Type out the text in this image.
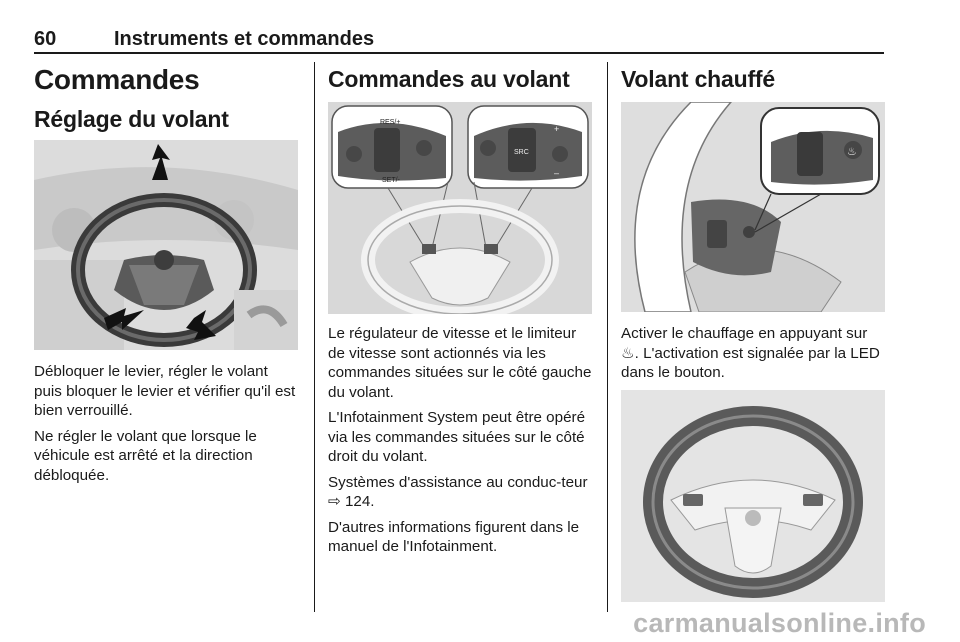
60	Instruments et commandes
Commandes
Réglage du volant

Débloquer le levier, régler le volant puis bloquer le levier et vérifier qu'il est bien verrouillé.

Ne régler le volant que lorsque le véhicule est arrêté et la direction débloquée.

Commandes au volant
RES/+
SET/-
SRC
+
–

Le régulateur de vitesse et le limiteur de vitesse sont actionnés via les commandes situées sur le côté gauche du volant.

L'Infotainment System peut être opéré via les commandes situées sur le côté droit du volant.

Systèmes d'assistance au conduc-teur ⇨ 124.

D'autres informations figurent dans le manuel de l'Infotainment.

Volant chauffé
♨

Activer le chauffage en appuyant sur ♨. L'activation est signalée par la LED dans le bouton.

carmanualsonline.info
